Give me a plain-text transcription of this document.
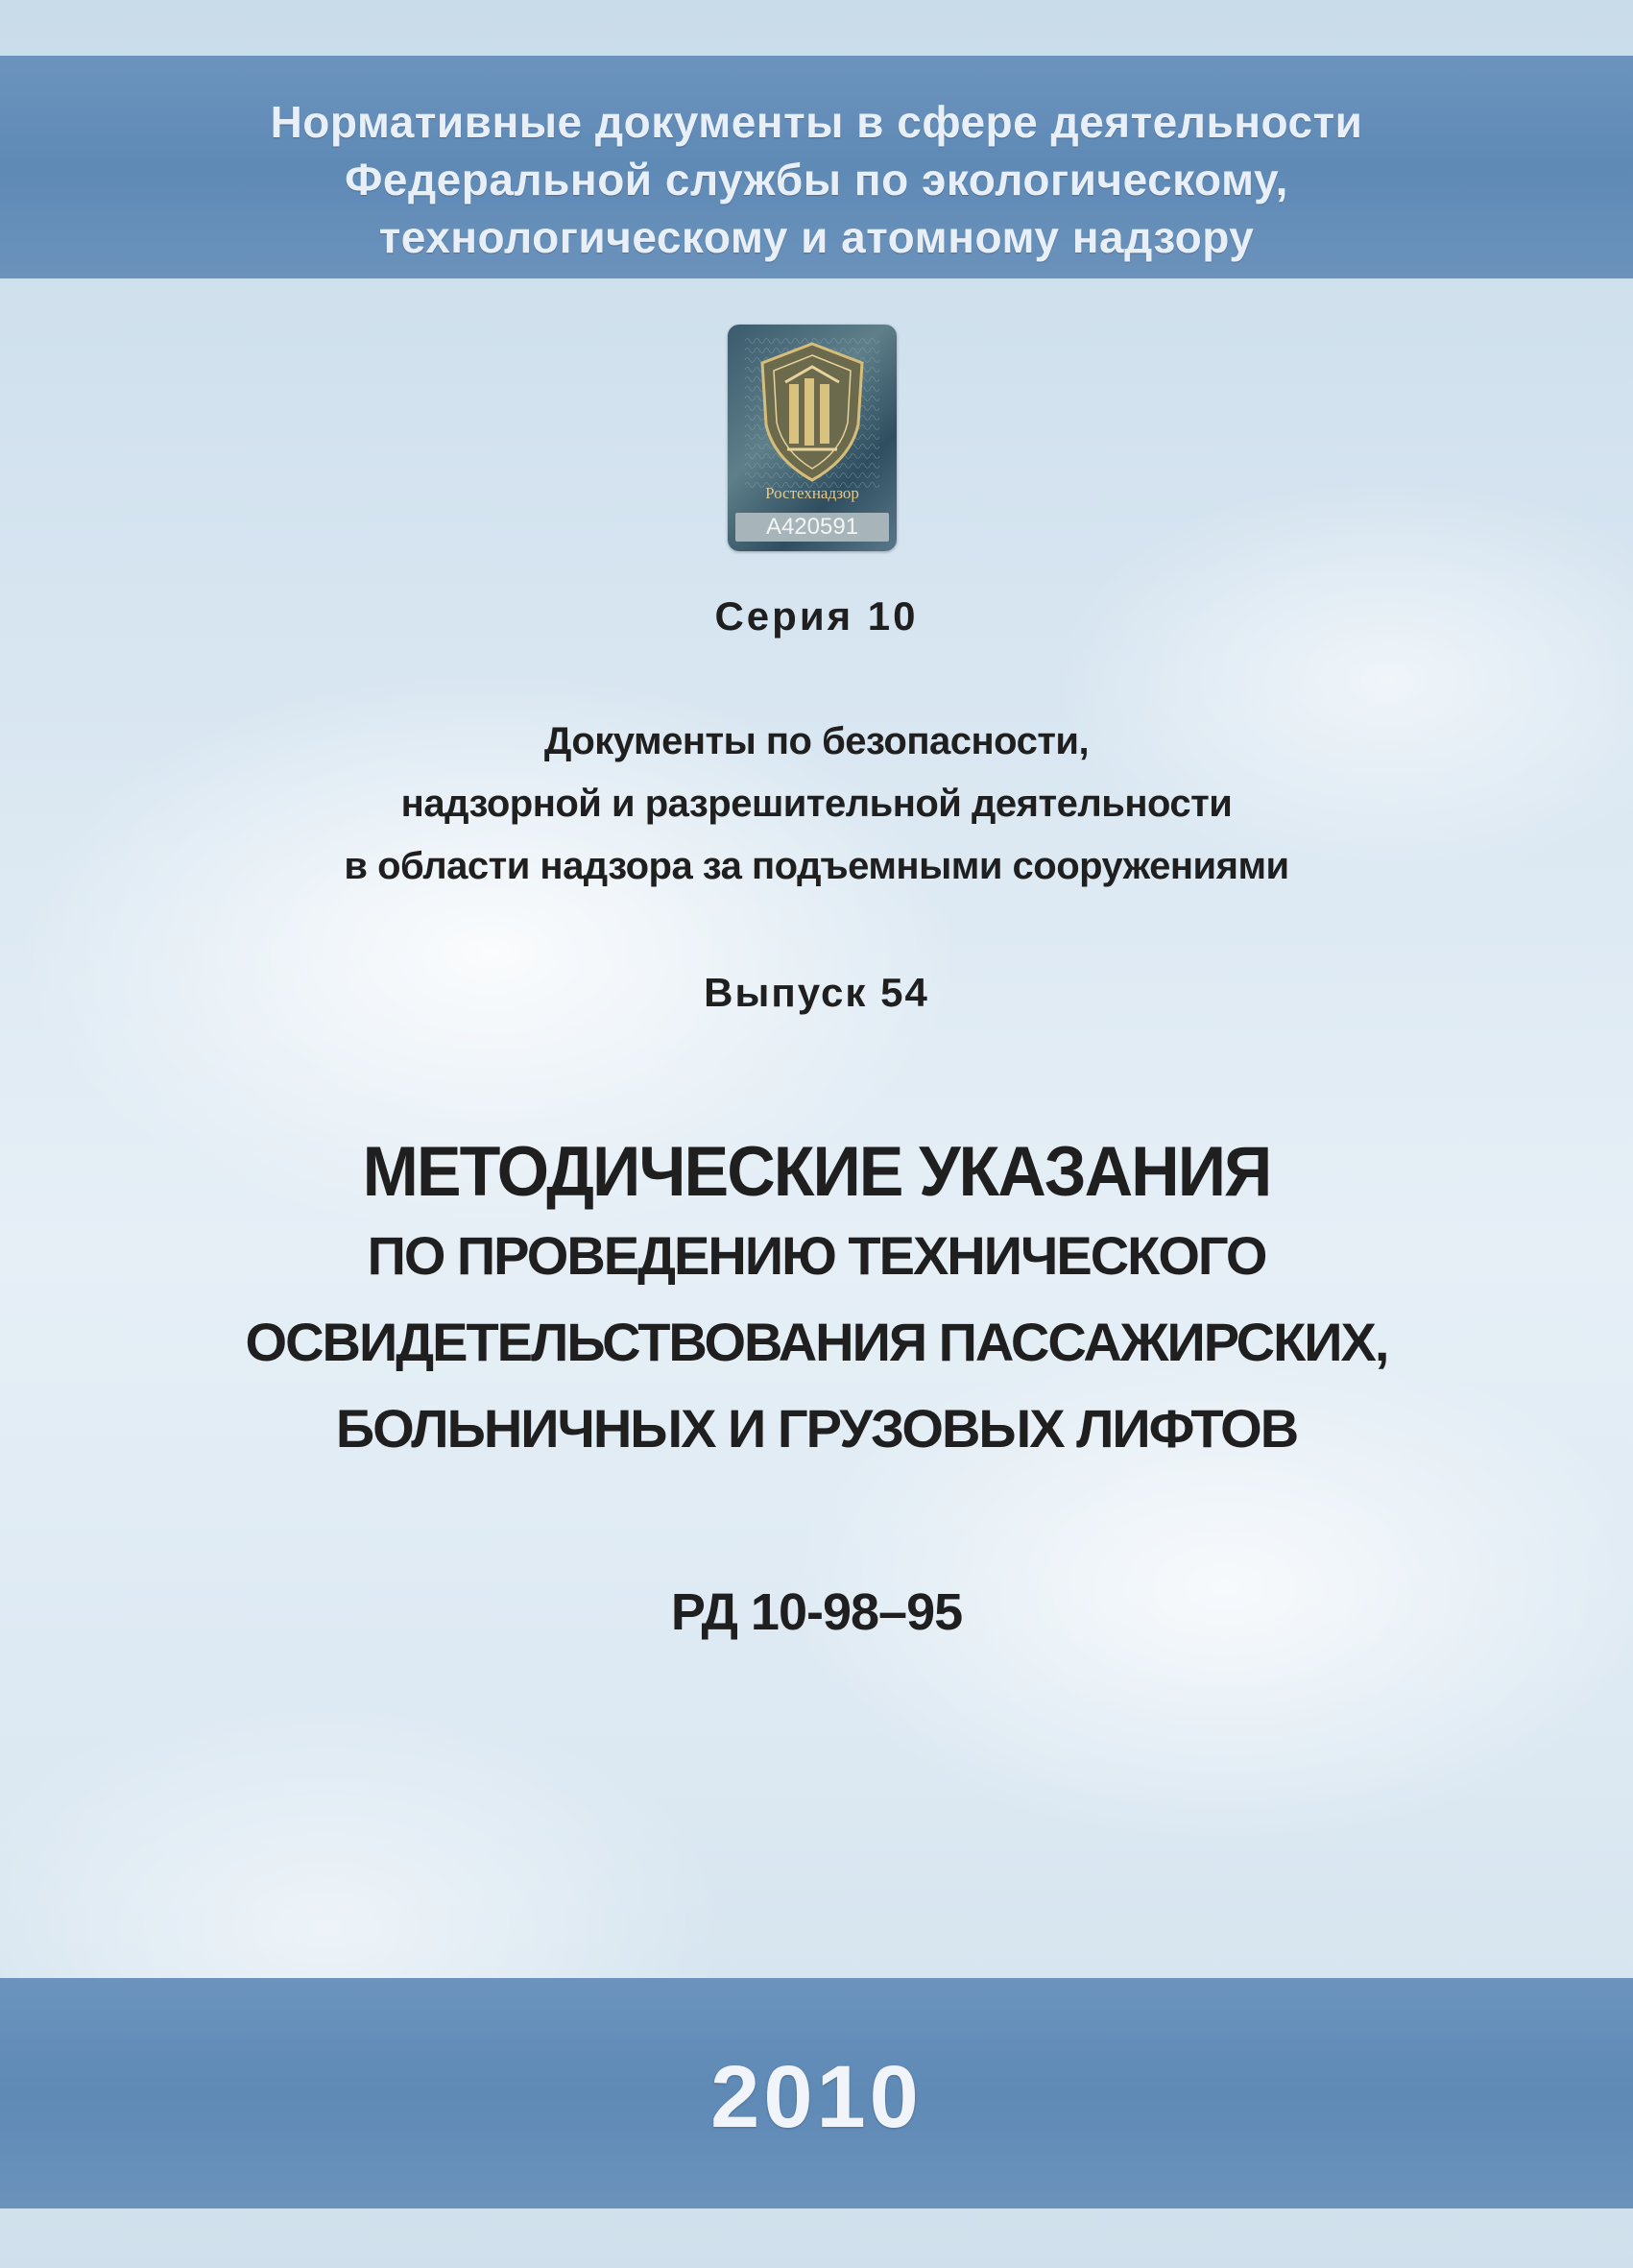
Нормативные документы в сфере деятельности
Федеральной службы по экологическому,
технологическому и атомному надзору
Ростехнадзор
А420591
Серия 10
Документы по безопасности,
надзорной и разрешительной деятельности
в области надзора за подъемными сооружениями
Выпуск 54
МЕТОДИЧЕСКИЕ УКАЗАНИЯ
ПО ПРОВЕДЕНИЮ ТЕХНИЧЕСКОГО
ОСВИДЕТЕЛЬСТВОВАНИЯ ПАССАЖИРСКИХ,
БОЛЬНИЧНЫХ И ГРУЗОВЫХ ЛИФТОВ
РД 10-98–95
2010
